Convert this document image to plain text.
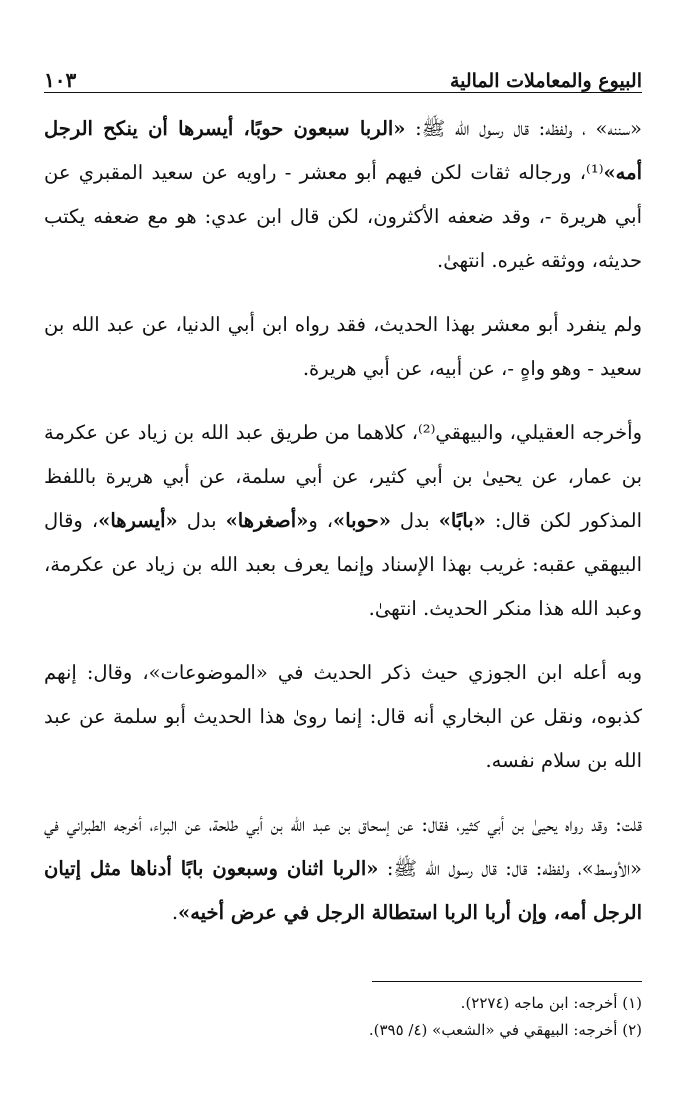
البيوع والمعاملات المالية
١٠٣

«سننه» ، ولفظه: قال رسول الله ﷺ: «الربا سبعون حوبًا، أيسرها أن ينكح الرجل أمه»⁽¹⁾، ورجاله ثقات لكن فيهم أبو معشر - راويه عن سعيد المقبري عن أبي هريرة -، وقد ضعفه الأكثرون، لكن قال ابن عدي: هو مع ضعفه يكتب حديثه، ووثقه غيره. انتهىٰ.

ولم ينفرد أبو معشر بهذا الحديث، فقد رواه ابن أبي الدنيا، عن عبد الله بن سعيد - وهو واهٍ -، عن أبيه، عن أبي هريرة.

وأخرجه العقيلي، والبيهقي⁽²⁾، كلاهما من طريق عبد الله بن زياد عن عكرمة بن عمار، عن يحيىٰ بن أبي كثير، عن أبي سلمة، عن أبي هريرة باللفظ المذكور لكن قال: «بابًا» بدل «حوبا»، و«أصغرها» بدل «أيسرها»، وقال البيهقي عقبه: غريب بهذا الإسناد وإنما يعرف بعبد الله بن زياد عن عكرمة، وعبد الله هذا منكر الحديث. انتهىٰ.

وبه أعله ابن الجوزي حيث ذكر الحديث في «الموضوعات»، وقال: إنهم كذبوه، ونقل عن البخاري أنه قال: إنما روىٰ هذا الحديث أبو سلمة عن عبد الله بن سلام نفسه.

قلت: وقد رواه يحيىٰ بن أبي كثير، فقال: عن إسحاق بن عبد الله بن أبي طلحة، عن البراء، أخرجه الطبراني في «الأوسط»، ولفظه: قال: قال رسول الله ﷺ: «الربا اثنان وسبعون بابًا أدناها مثل إتيان الرجل أمه، وإن أربا الربا استطالة الرجل في عرض أخيه».

(١) أخرجه: ابن ماجه (٢٢٧٤).

(٢) أخرجه: البيهقي في «الشعب» (٤/ ٣٩٥).
